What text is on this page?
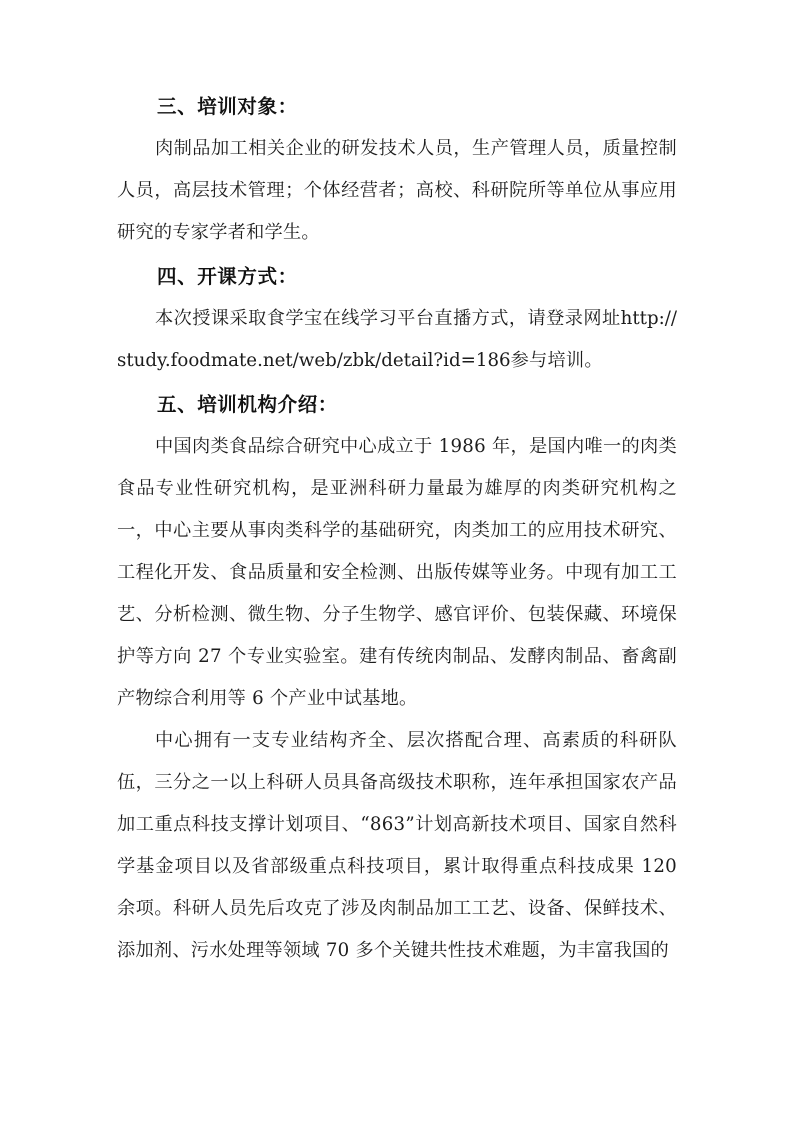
三、培训对象：

肉制品加工相关企业的研发技术人员，生产管理人员，质量控制人员，高层技术管理；个体经营者；高校、科研院所等单位从事应用研究的专家学者和学生。

四、开课方式：

本次授课采取食学宝在线学习平台直播方式，请登录网址http://study.foodmate.net/web/zbk/detail?id=186参与培训。

五、培训机构介绍：

中国肉类食品综合研究中心成立于 1986 年，是国内唯一的肉类食品专业性研究机构，是亚洲科研力量最为雄厚的肉类研究机构之一，中心主要从事肉类科学的基础研究，肉类加工的应用技术研究、工程化开发、食品质量和安全检测、出版传媒等业务。中现有加工工艺、分析检测、微生物、分子生物学、感官评价、包装保藏、环境保护等方向 27 个专业实验室。建有传统肉制品、发酵肉制品、畜禽副产物综合利用等 6 个产业中试基地。

中心拥有一支专业结构齐全、层次搭配合理、高素质的科研队伍，三分之一以上科研人员具备高级技术职称，连年承担国家农产品加工重点科技支撑计划项目、“863”计划高新技术项目、国家自然科学基金项目以及省部级重点科技项目，累计取得重点科技成果 120 余项。科研人员先后攻克了涉及肉制品加工工艺、设备、保鲜技术、添加剂、污水处理等领域 70 多个关键共性技术难题，为丰富我国的
